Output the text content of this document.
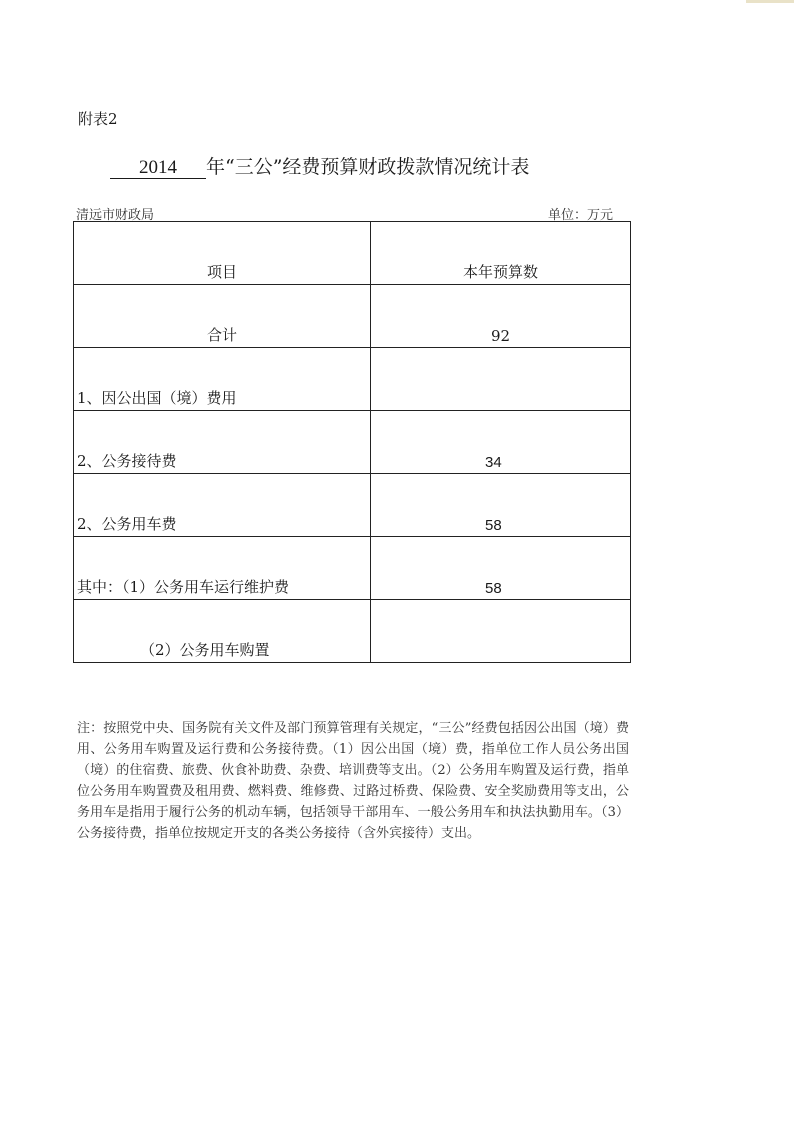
附表2
2014 年“三公”经费预算财政拨款情况统计表
清远市财政局	单位：万元
项目	本年预算数
合计	92
1、因公出国（境）费用	
2、公务接待费	34
2、公务用车费	58
其中：（1）公务用车运行维护费	58
（2）公务用车购置	
注：按照党中央、国务院有关文件及部门预算管理有关规定，“三公”经费包括因公出国（境）费用、公务用车购置及运行费和公务接待费。（1）因公出国（境）费，指单位工作人员公务出国（境）的住宿费、旅费、伙食补助费、杂费、培训费等支出。（2）公务用车购置及运行费，指单位公务用车购置费及租用费、燃料费、维修费、过路过桥费、保险费、安全奖励费用等支出，公务用车是指用于履行公务的机动车辆，包括领导干部用车、一般公务用车和执法执勤用车。（3）公务接待费，指单位按规定开支的各类公务接待（含外宾接待）支出。
